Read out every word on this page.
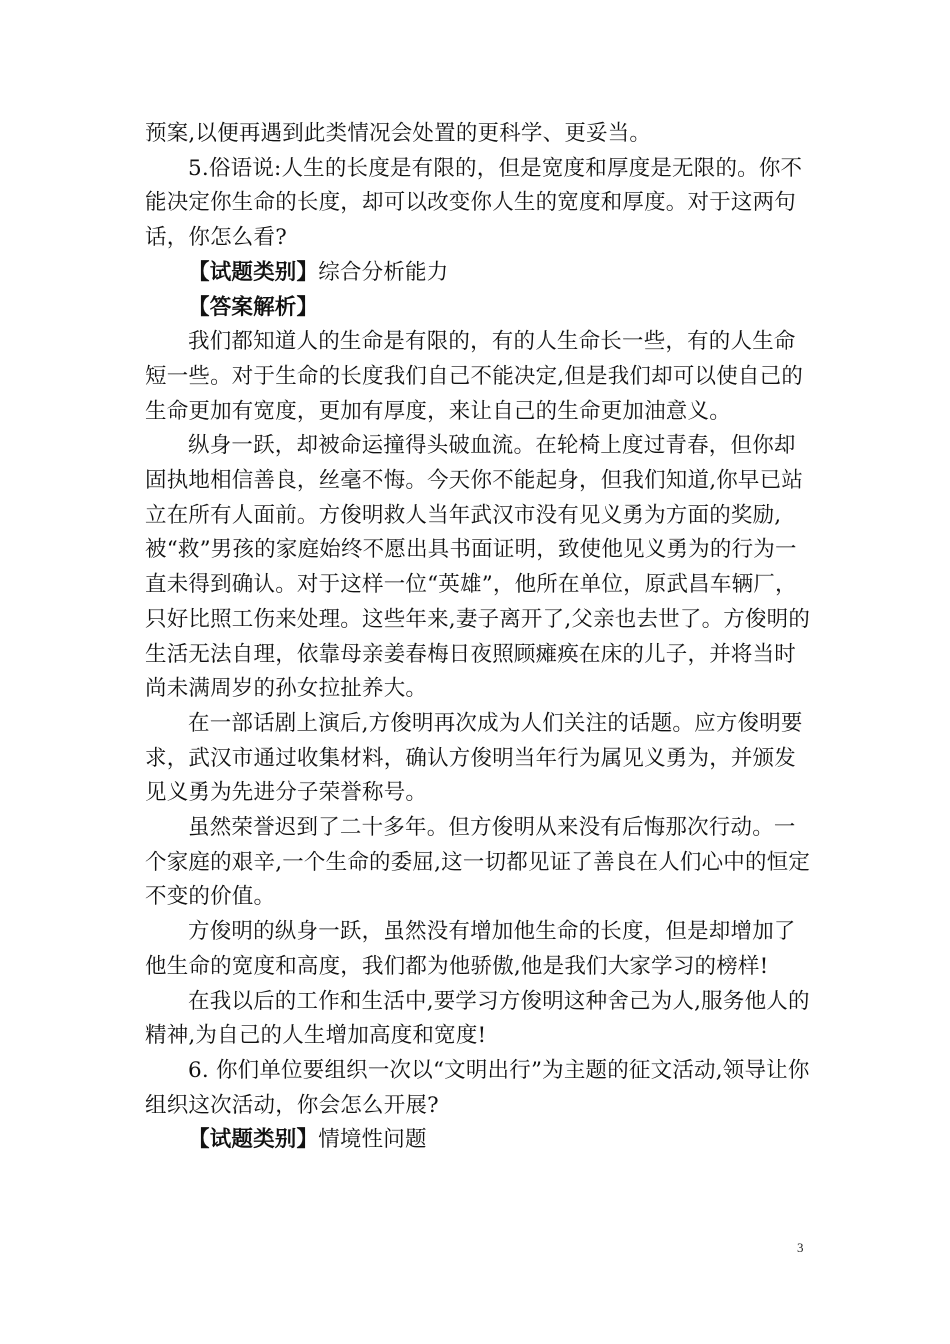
预案,以便再遇到此类情况会处置的更科学、更妥当。

5.俗语说:人生的长度是有限的，但是宽度和厚度是无限的。你不能决定你生命的长度，却可以改变你人生的宽度和厚度。对于这两句话，你怎么看?

【试题类别】综合分析能力

【答案解析】

我们都知道人的生命是有限的，有的人生命长一些，有的人生命短一些。对于生命的长度我们自己不能决定,但是我们却可以使自己的生命更加有宽度，更加有厚度，来让自己的生命更加油意义。

纵身一跃，却被命运撞得头破血流。在轮椅上度过青春，但你却固执地相信善良，丝毫不悔。今天你不能起身，但我们知道,你早已站立在所有人面前。方俊明救人当年武汉市没有见义勇为方面的奖励,被“救”男孩的家庭始终不愿出具书面证明，致使他见义勇为的行为一直未得到确认。对于这样一位“英雄”，他所在单位，原武昌车辆厂，只好比照工伤来处理。这些年来,妻子离开了,父亲也去世了。方俊明的生活无法自理，依靠母亲姜春梅日夜照顾瘫痪在床的儿子，并将当时尚未满周岁的孙女拉扯养大。

在一部话剧上演后,方俊明再次成为人们关注的话题。应方俊明要求，武汉市通过收集材料，确认方俊明当年行为属见义勇为，并颁发见义勇为先进分子荣誉称号。

虽然荣誉迟到了二十多年。但方俊明从来没有后悔那次行动。一个家庭的艰辛,一个生命的委屈,这一切都见证了善良在人们心中的恒定不变的价值。

方俊明的纵身一跃，虽然没有增加他生命的长度，但是却增加了他生命的宽度和高度，我们都为他骄傲,他是我们大家学习的榜样!

在我以后的工作和生活中,要学习方俊明这种舍己为人,服务他人的精神,为自己的人生增加高度和宽度!

6. 你们单位要组织一次以“文明出行”为主题的征文活动,领导让你组织这次活动，你会怎么开展?

【试题类别】情境性问题

3
